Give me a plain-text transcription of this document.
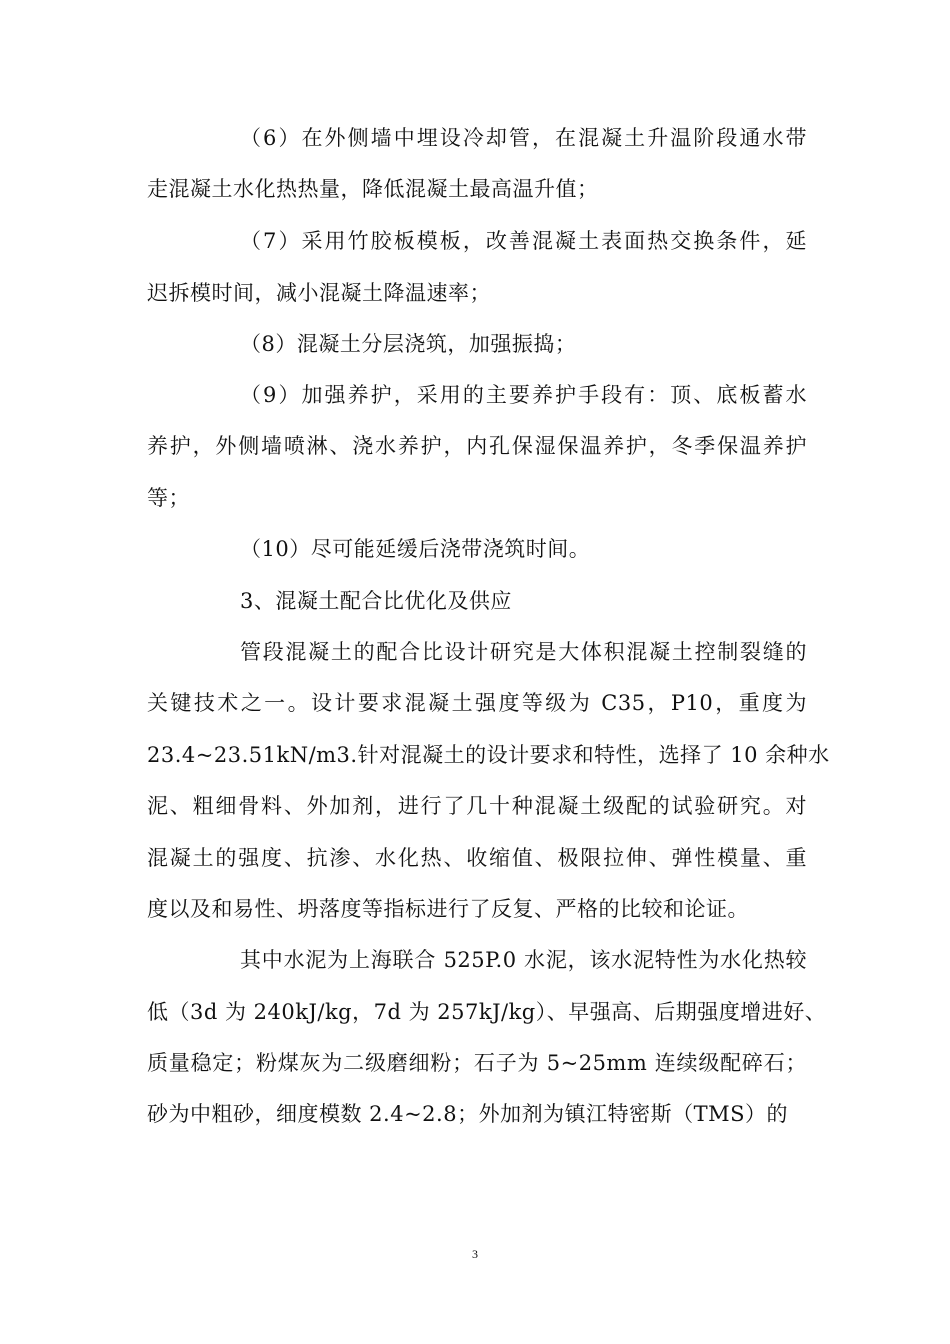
（6）在外侧墙中埋设冷却管，在混凝土升温阶段通水带
走混凝土水化热热量，降低混凝土最高温升值；
（7）采用竹胶板模板，改善混凝土表面热交换条件，延
迟拆模时间，减小混凝土降温速率；
（8）混凝土分层浇筑，加强振捣；
（9）加强养护，采用的主要养护手段有：顶、底板蓄水
养护，外侧墙喷淋、浇水养护，内孔保湿保温养护，冬季保温养护
等；
（10）尽可能延缓后浇带浇筑时间。
3、混凝土配合比优化及供应
管段混凝土的配合比设计研究是大体积混凝土控制裂缝的
关键技术之一。设计要求混凝土强度等级为 C35，P10，重度为
23.4~23.51kN/m3.针对混凝土的设计要求和特性，选择了 10 余种水
泥、粗细骨料、外加剂，进行了几十种混凝土级配的试验研究。对
混凝土的强度、抗渗、水化热、收缩值、极限拉伸、弹性模量、重
度以及和易性、坍落度等指标进行了反复、严格的比较和论证。
其中水泥为上海联合 525P.0 水泥，该水泥特性为水化热较
低（3d 为 240kJ/kg，7d 为 257kJ/kg）、早强高、后期强度增进好、
质量稳定；粉煤灰为二级磨细粉；石子为 5~25mm 连续级配碎石；
砂为中粗砂，细度模数 2.4~2.8；外加剂为镇江特密斯（TMS）的
3
